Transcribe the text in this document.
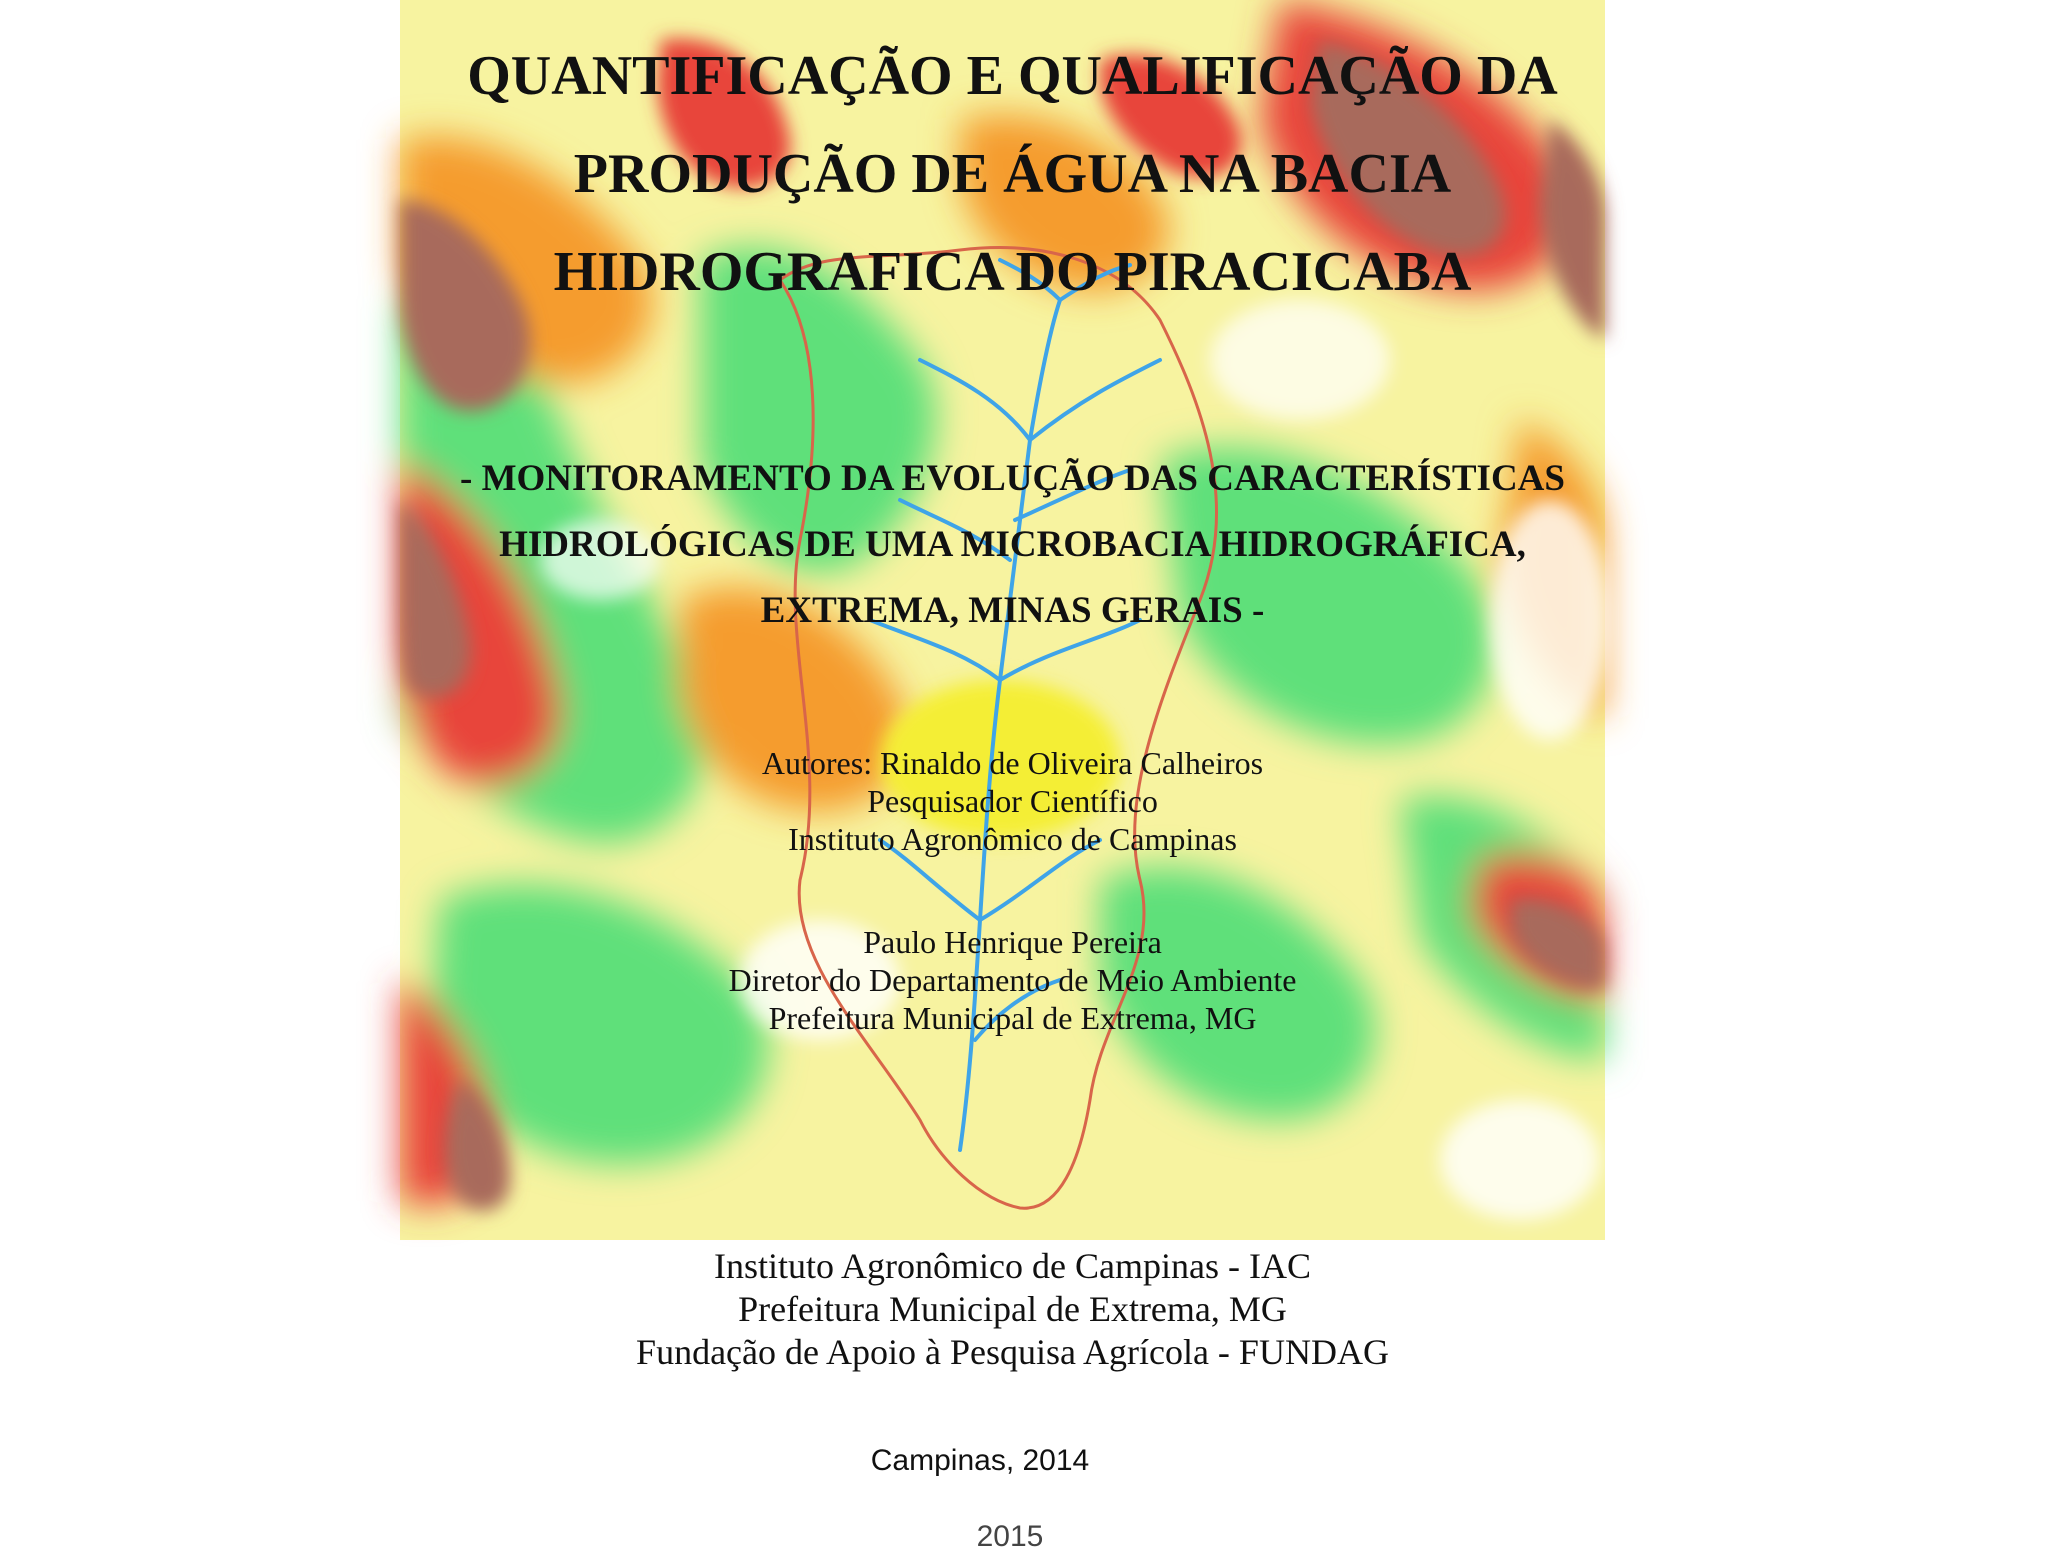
QUANTIFICAÇÃO E QUALIFICAÇÃO DA
PRODUÇÃO DE ÁGUA NA BACIA
HIDROGRAFICA DO PIRACICABA
- MONITORAMENTO DA EVOLUÇÃO DAS CARACTERÍSTICAS
HIDROLÓGICAS DE UMA MICROBACIA HIDROGRÁFICA,
EXTREMA, MINAS GERAIS -
Autores: Rinaldo de Oliveira Calheiros
Pesquisador Científico
Instituto Agronômico de Campinas
Paulo Henrique Pereira
Diretor do Departamento de Meio Ambiente
Prefeitura Municipal de Extrema, MG
Instituto Agronômico de Campinas - IAC
Prefeitura Municipal de Extrema, MG
Fundação de Apoio à Pesquisa Agrícola - FUNDAG
Campinas, 2014
2015
